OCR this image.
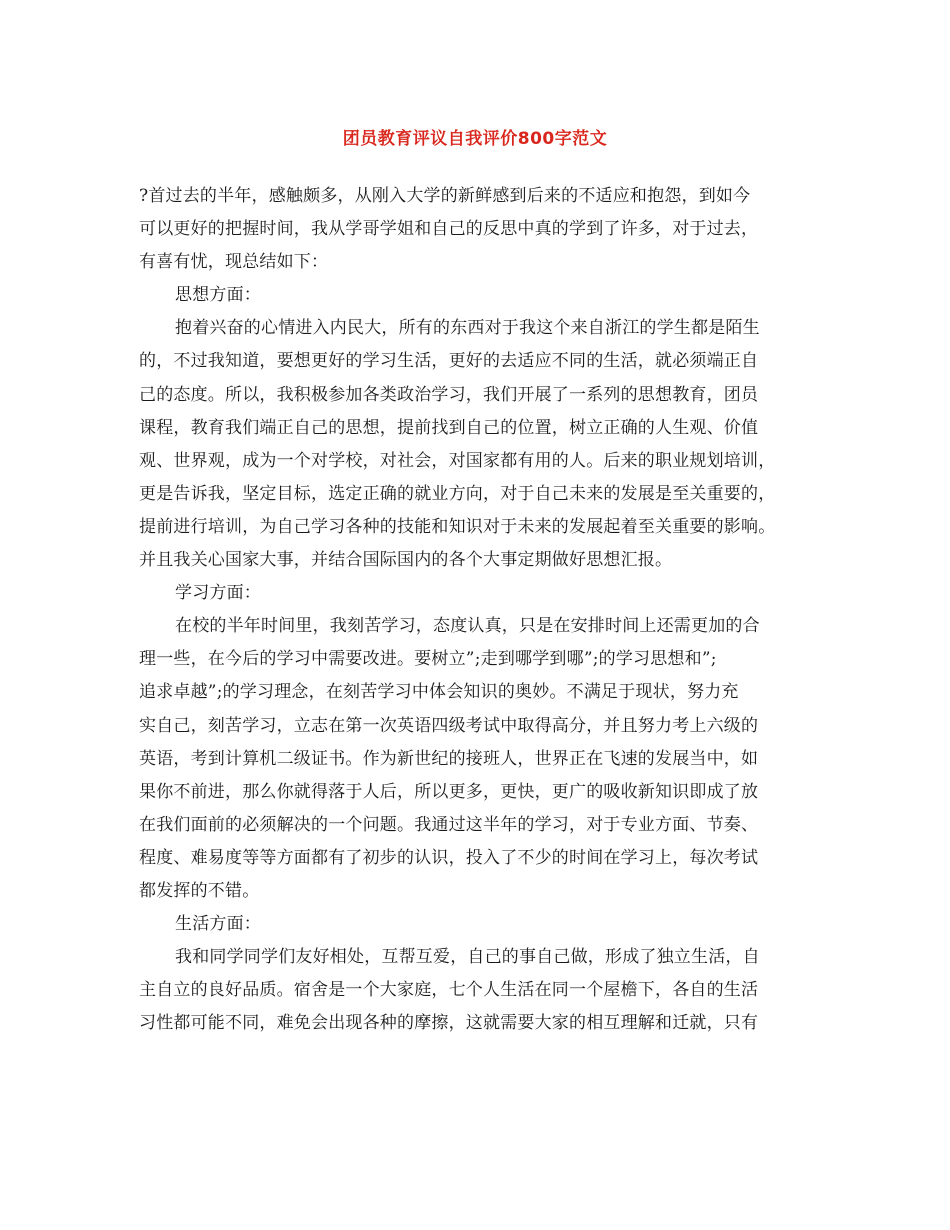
团员教育评议自我评价800字范文
?首过去的半年，感触颇多，从刚入大学的新鲜感到后来的不适应和抱怨，到如今
可以更好的把握时间，我从学哥学姐和自己的反思中真的学到了许多，对于过去，
有喜有忧，现总结如下：
思想方面：
抱着兴奋的心情进入内民大，所有的东西对于我这个来自浙江的学生都是陌生
的，不过我知道，要想更好的学习生活，更好的去适应不同的生活，就必须端正自
己的态度。所以，我积极参加各类政治学习，我们开展了一系列的思想教育，团员
课程，教育我们端正自己的思想，提前找到自己的位置，树立正确的人生观、价值
观、世界观，成为一个对学校，对社会，对国家都有用的人。后来的职业规划培训，
更是告诉我，坚定目标，选定正确的就业方向，对于自己未来的发展是至关重要的，
提前进行培训，为自己学习各种的技能和知识对于未来的发展起着至关重要的影响。
并且我关心国家大事，并结合国际国内的各个大事定期做好思想汇报。
学习方面：
在校的半年时间里，我刻苦学习，态度认真，只是在安排时间上还需更加的合
理一些，在今后的学习中需要改进。要树立”;走到哪学到哪”;的学习思想和”;
追求卓越”;的学习理念，在刻苦学习中体会知识的奥妙。不满足于现状，努力充
实自己，刻苦学习，立志在第一次英语四级考试中取得高分，并且努力考上六级的
英语，考到计算机二级证书。作为新世纪的接班人，世界正在飞速的发展当中，如
果你不前进，那么你就得落于人后，所以更多，更快，更广的吸收新知识即成了放
在我们面前的必须解决的一个问题。我通过这半年的学习，对于专业方面、节奏、
程度、难易度等等方面都有了初步的认识，投入了不少的时间在学习上，每次考试
都发挥的不错。
生活方面：
我和同学同学们友好相处，互帮互爱，自己的事自己做，形成了独立生活，自
主自立的良好品质。宿舍是一个大家庭，七个人生活在同一个屋檐下，各自的生活
习性都可能不同，难免会出现各种的摩擦，这就需要大家的相互理解和迁就，只有
